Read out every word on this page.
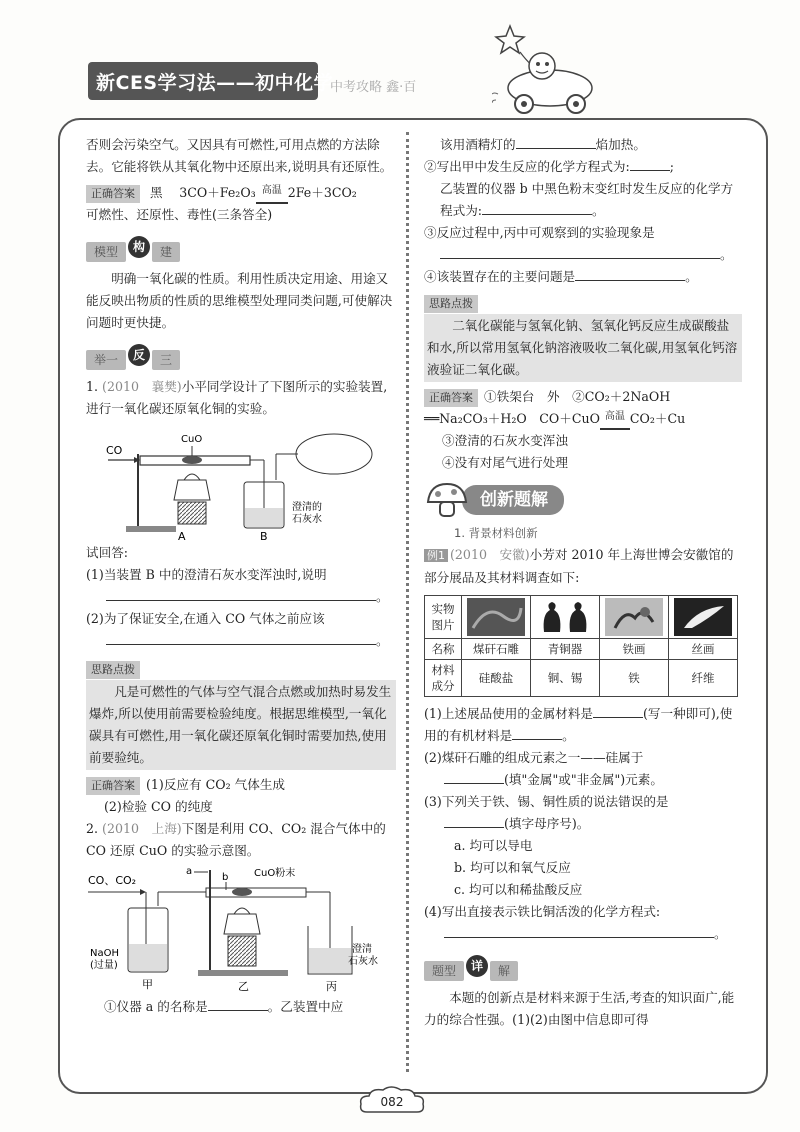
新CES学习法——初中化学
中考攻略 鑫·百

否则会污染空气。又因具有可燃性,可用点燃的方法除去。它能将铁从其氧化物中还原出来,说明具有还原性。

正确答案 黑　 3CO＋Fe₂O₃ 高温 2Fe＋3CO₂

可燃性、还原性、毒性(三条答全)

模型	构	建

明确一氧化碳的性质。利用性质决定用途、用途又能反映出物质的性质的思维模型处理同类问题,可使解决问题时更快捷。

举一	反	三

1. (2010　襄樊)小平同学设计了下图所示的实验装置,进行一氧化碳还原氧化铜的实验。

CO
CuO
A
澄清的
石灰水
B

试回答:

(1)当装置 B 中的澄清石灰水变浑浊时,说明

。

(2)为了保证安全,在通入 CO 气体之前应该

。

思路点拨

凡是可燃性的气体与空气混合点燃或加热时易发生爆炸,所以使用前需要检验纯度。根据思维模型,一氧化碳具有可燃性,用一氧化碳还原氧化铜时需要加热,使用前要验纯。

正确答案 (1)反应有 CO₂ 气体生成

(2)检验 CO 的纯度

2. (2010　上海)下图是利用 CO、CO₂ 混合气体中的 CO 还原 CuO 的实验示意图。

CO、CO₂
NaOH
(过量)
甲
a
b	CuO粉末
乙
澄清
石灰水
丙

①仪器 a 的名称是	。乙装置中应

该用酒精灯的	焰加热。

②写出甲中发生反应的化学方程式为:	;

乙装置的仪器 b 中黑色粉末变红时发生反应的化学方程式为:	。

③反应过程中,丙中可观察到的实验现象是

。

④该装置存在的主要问题是	。

思路点拨

二氧化碳能与氢氧化钠、氢氧化钙反应生成碳酸盐和水,所以常用氢氧化钠溶液吸收二氧化碳,用氢氧化钙溶液验证二氧化碳。

正确答案 ①铁架台　外　②CO₂＋2NaOH

══Na₂CO₃＋H₂O　CO＋CuO 高温 CO₂＋Cu

③澄清的石灰水变浑浊

④没有对尾气进行处理

创新题解

1. 背景材料创新

例1 (2010　安徽)小芳对 2010 年上海世博会安徽馆的部分展品及其材料调查如下:

实物图片	

名称	煤矸石雕	青铜器	铁画	丝画
材料成分	硅酸盐	铜、锡	铁	纤维

(1)上述展品使用的金属材料是	(写一种即可),使用的有机材料是	。

(2)煤矸石雕的组成元素之一——硅属于
(填"金属"或"非金属")元素。

(3)下列关于铁、锡、铜性质的说法错误的是
(填字母序号)。

a. 均可以导电

b. 均可以和氧气反应

c. 均可以和稀盐酸反应

(4)写出直接表示铁比铜活泼的化学方程式:

。

题型	详	解

本题的创新点是材料来源于生活,考查的知识面广,能力的综合性强。(1)(2)由图中信息即可得

082
